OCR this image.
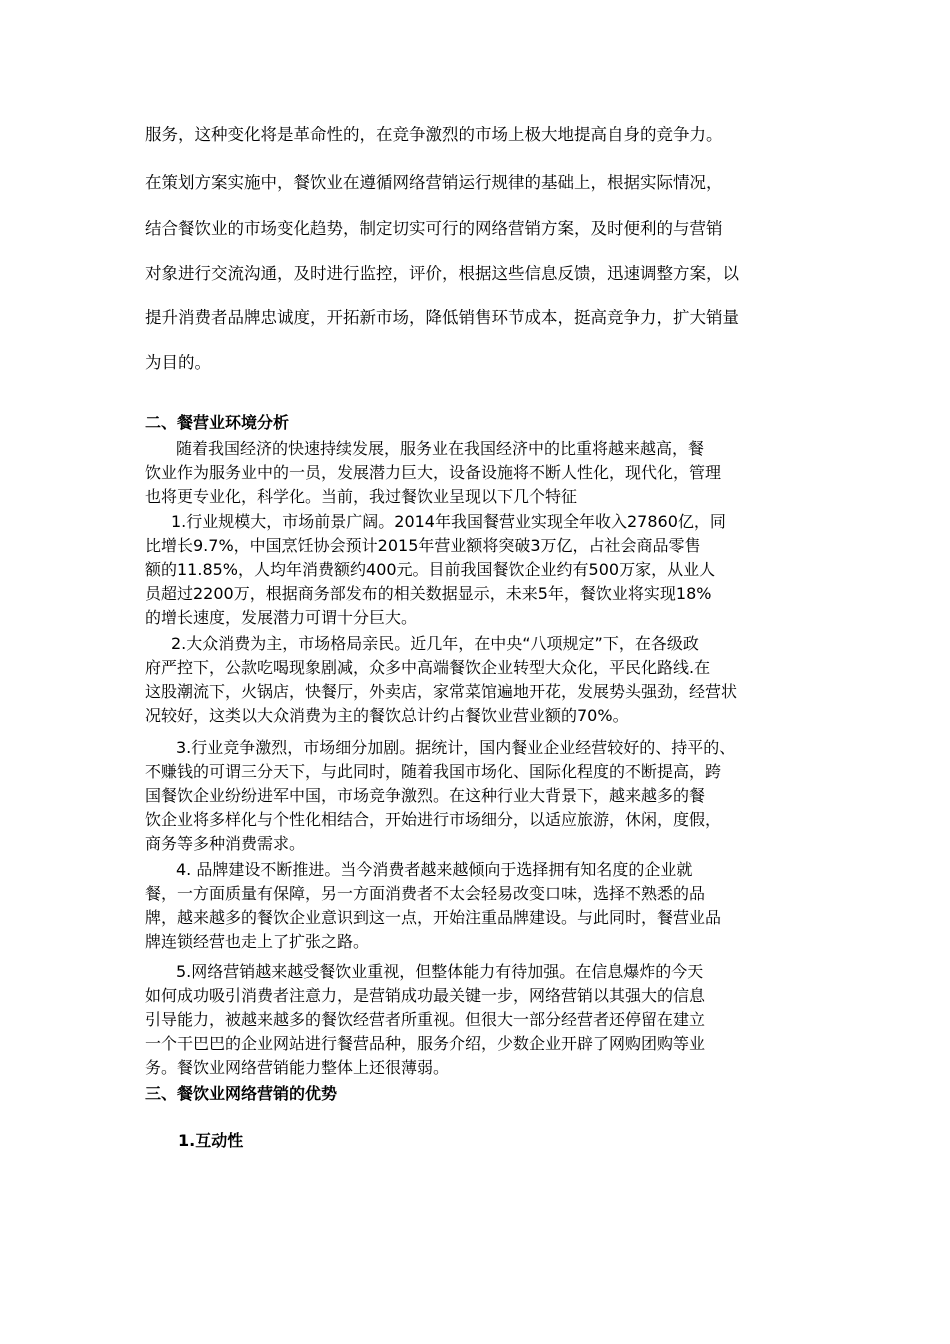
服务，这种变化将是革命性的，在竞争激烈的市场上极大地提高自身的竞争力。
在策划方案实施中，餐饮业在遵循网络营销运行规律的基础上，根据实际情况，
结合餐饮业的市场变化趋势，制定切实可行的网络营销方案，及时便利的与营销
对象进行交流沟通，及时进行监控，评价，根据这些信息反馈，迅速调整方案，以
提升消费者品牌忠诚度，开拓新市场，降低销售环节成本，挺高竞争力，扩大销量
为目的。
二、餐营业环境分析
随着我国经济的快速持续发展，服务业在我国经济中的比重将越来越高，餐
饮业作为服务业中的一员，发展潜力巨大，设备设施将不断人性化，现代化，管理
也将更专业化，科学化。当前，我过餐饮业呈现以下几个特征
1.行业规模大，市场前景广阔。2014年我国餐营业实现全年收入27860亿，同
比增长9.7%，中国烹饪协会预计2015年营业额将突破3万亿，占社会商品零售
额的11.85%，人均年消费额约400元。目前我国餐饮企业约有500万家，从业人
员超过2200万，根据商务部发布的相关数据显示，未来5年，餐饮业将实现18%
的增长速度，发展潜力可谓十分巨大。
2.大众消费为主，市场格局亲民。近几年，在中央“八项规定”下，在各级政
府严控下，公款吃喝现象剧减，众多中高端餐饮企业转型大众化，平民化路线.在
这股潮流下，火锅店，快餐厅，外卖店，家常菜馆遍地开花，发展势头强劲，经营状
况较好，这类以大众消费为主的餐饮总计约占餐饮业营业额的70%。
3.行业竞争激烈，市场细分加剧。据统计，国内餐业企业经营较好的、持平的、
不赚钱的可谓三分天下，与此同时，随着我国市场化、国际化程度的不断提高，跨
国餐饮企业纷纷进军中国，市场竞争激烈。在这种行业大背景下，越来越多的餐
饮企业将多样化与个性化相结合，开始进行市场细分，以适应旅游，休闲，度假，
商务等多种消费需求。
4. 品牌建设不断推进。当今消费者越来越倾向于选择拥有知名度的企业就
餐，一方面质量有保障，另一方面消费者不太会轻易改变口味，选择不熟悉的品
牌，越来越多的餐饮企业意识到这一点，开始注重品牌建设。与此同时，餐营业品
牌连锁经营也走上了扩张之路。
5.网络营销越来越受餐饮业重视，但整体能力有待加强。在信息爆炸的今天
如何成功吸引消费者注意力，是营销成功最关键一步，网络营销以其强大的信息
引导能力，被越来越多的餐饮经营者所重视。但很大一部分经营者还停留在建立
一个干巴巴的企业网站进行餐营品种，服务介绍，少数企业开辟了网购团购等业
务。餐饮业网络营销能力整体上还很薄弱。
三、餐饮业网络营销的优势
1.互动性
